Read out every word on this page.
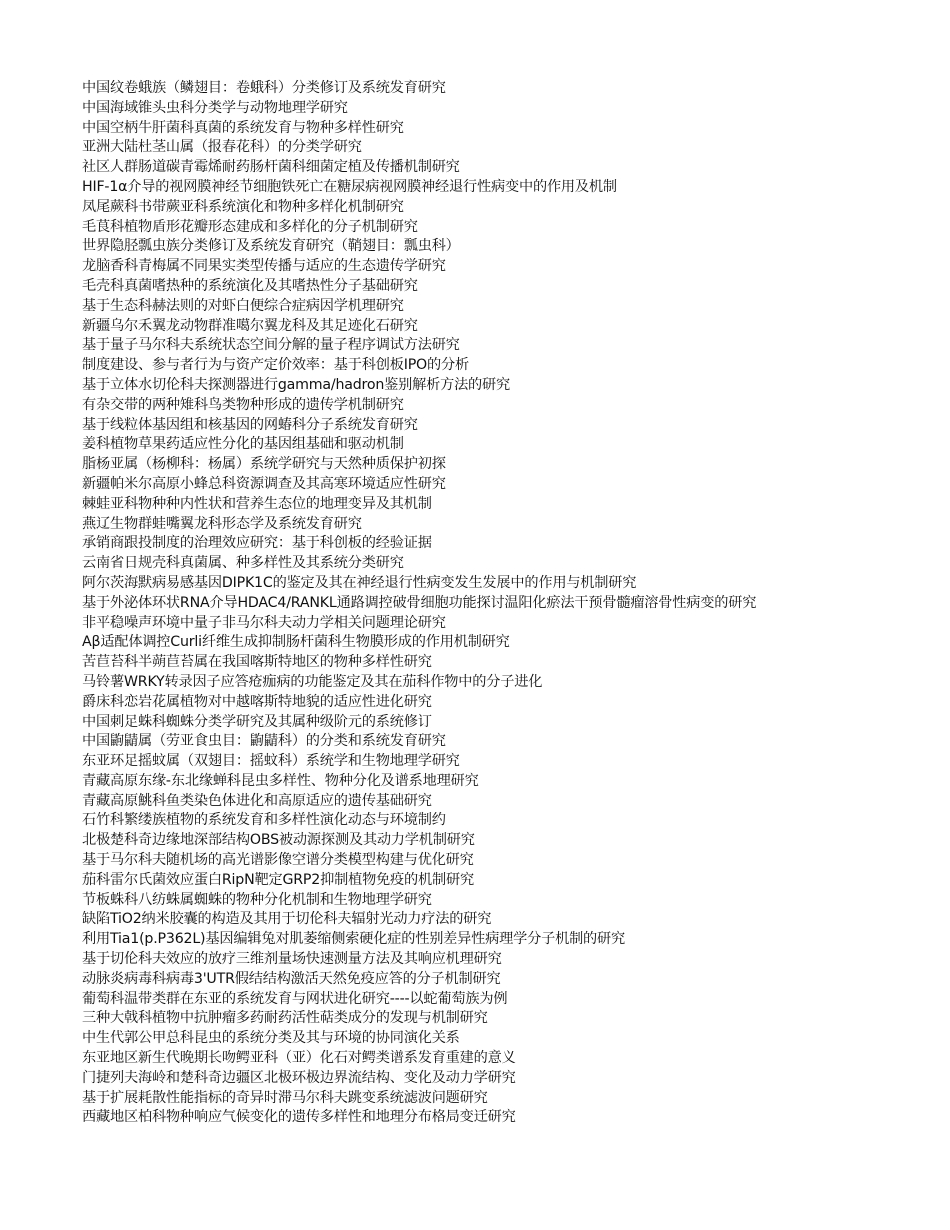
中国纹卷蛾族（鳞翅目：卷蛾科）分类修订及系统发育研究
中国海域锥头虫科分类学与动物地理学研究
中国空柄牛肝菌科真菌的系统发育与物种多样性研究
亚洲大陆杜茎山属（报春花科）的分类学研究
社区人群肠道碳青霉烯耐药肠杆菌科细菌定植及传播机制研究
HIF-1α介导的视网膜神经节细胞铁死亡在糖尿病视网膜神经退行性病变中的作用及机制
凤尾蕨科书带蕨亚科系统演化和物种多样化机制研究
毛茛科植物盾形花瓣形态建成和多样化的分子机制研究
世界隐胫瓢虫族分类修订及系统发育研究（鞘翅目：瓢虫科）
龙脑香科青梅属不同果实类型传播与适应的生态遗传学研究
毛壳科真菌嗜热种的系统演化及其嗜热性分子基础研究
基于生态科赫法则的对虾白便综合症病因学机理研究
新疆乌尔禾翼龙动物群准噶尔翼龙科及其足迹化石研究
基于量子马尔科夫系统状态空间分解的量子程序调试方法研究
制度建设、参与者行为与资产定价效率：基于科创板IPO的分析
基于立体水切伦科夫探测器进行gamma/hadron鉴别解析方法的研究
有杂交带的两种雉科鸟类物种形成的遗传学机制研究
基于线粒体基因组和核基因的网蝽科分子系统发育研究
姜科植物草果药适应性分化的基因组基础和驱动机制
脂杨亚属（杨柳科：杨属）系统学研究与天然种质保护初探
新疆帕米尔高原小蜂总科资源调查及其高寒环境适应性研究
棘蛙亚科物种种内性状和营养生态位的地理变异及其机制
燕辽生物群蛙嘴翼龙科形态学及系统发育研究
承销商跟投制度的治理效应研究：基于科创板的经验证据
云南省日规壳科真菌属、种多样性及其系统分类研究
阿尔茨海默病易感基因DIPK1C的鉴定及其在神经退行性病变发生发展中的作用与机制研究
基于外泌体环状RNA介导HDAC4/RANKL通路调控破骨细胞功能探讨温阳化瘀法干预骨髓瘤溶骨性病变的研究
非平稳噪声环境中量子非马尔科夫动力学相关问题理论研究
Aβ适配体调控Curli纤维生成抑制肠杆菌科生物膜形成的作用机制研究
苦苣苔科半蒴苣苔属在我国喀斯特地区的物种多样性研究
马铃薯WRKY转录因子应答疮痂病的功能鉴定及其在茄科作物中的分子进化
爵床科恋岩花属植物对中越喀斯特地貌的适应性进化研究
中国刺足蛛科蜘蛛分类学研究及其属种级阶元的系统修订
中国鼩鼱属（劳亚食虫目：鼩鼱科）的分类和系统发育研究
东亚环足摇蚊属（双翅目：摇蚊科）系统学和生物地理学研究
青藏高原东缘-东北缘蝉科昆虫多样性、物种分化及谱系地理研究
青藏高原鮡科鱼类染色体进化和高原适应的遗传基础研究
石竹科繁缕族植物的系统发育和多样性演化动态与环境制约
北极楚科奇边缘地深部结构OBS被动源探测及其动力学机制研究
基于马尔科夫随机场的高光谱影像空谱分类模型构建与优化研究
茄科雷尔氏菌效应蛋白RipN靶定GRP2抑制植物免疫的机制研究
节板蛛科八纺蛛属蜘蛛的物种分化机制和生物地理学研究
缺陷TiO2纳米胶囊的构造及其用于切伦科夫辐射光动力疗法的研究
利用Tia1(p.P362L)基因编辑兔对肌萎缩侧索硬化症的性别差异性病理学分子机制的研究
基于切伦科夫效应的放疗三维剂量场快速测量方法及其响应机理研究
动脉炎病毒科病毒3'UTR假结结构激活天然免疫应答的分子机制研究
葡萄科温带类群在东亚的系统发育与网状进化研究----以蛇葡萄族为例
三种大戟科植物中抗肿瘤多药耐药活性萜类成分的发现与机制研究
中生代郭公甲总科昆虫的系统分类及其与环境的协同演化关系
东亚地区新生代晚期长吻鳄亚科（亚）化石对鳄类谱系发育重建的意义
门捷列夫海岭和楚科奇边疆区北极环极边界流结构、变化及动力学研究
基于扩展耗散性能指标的奇异时滞马尔科夫跳变系统滤波问题研究
西藏地区柏科物种响应气候变化的遗传多样性和地理分布格局变迁研究
